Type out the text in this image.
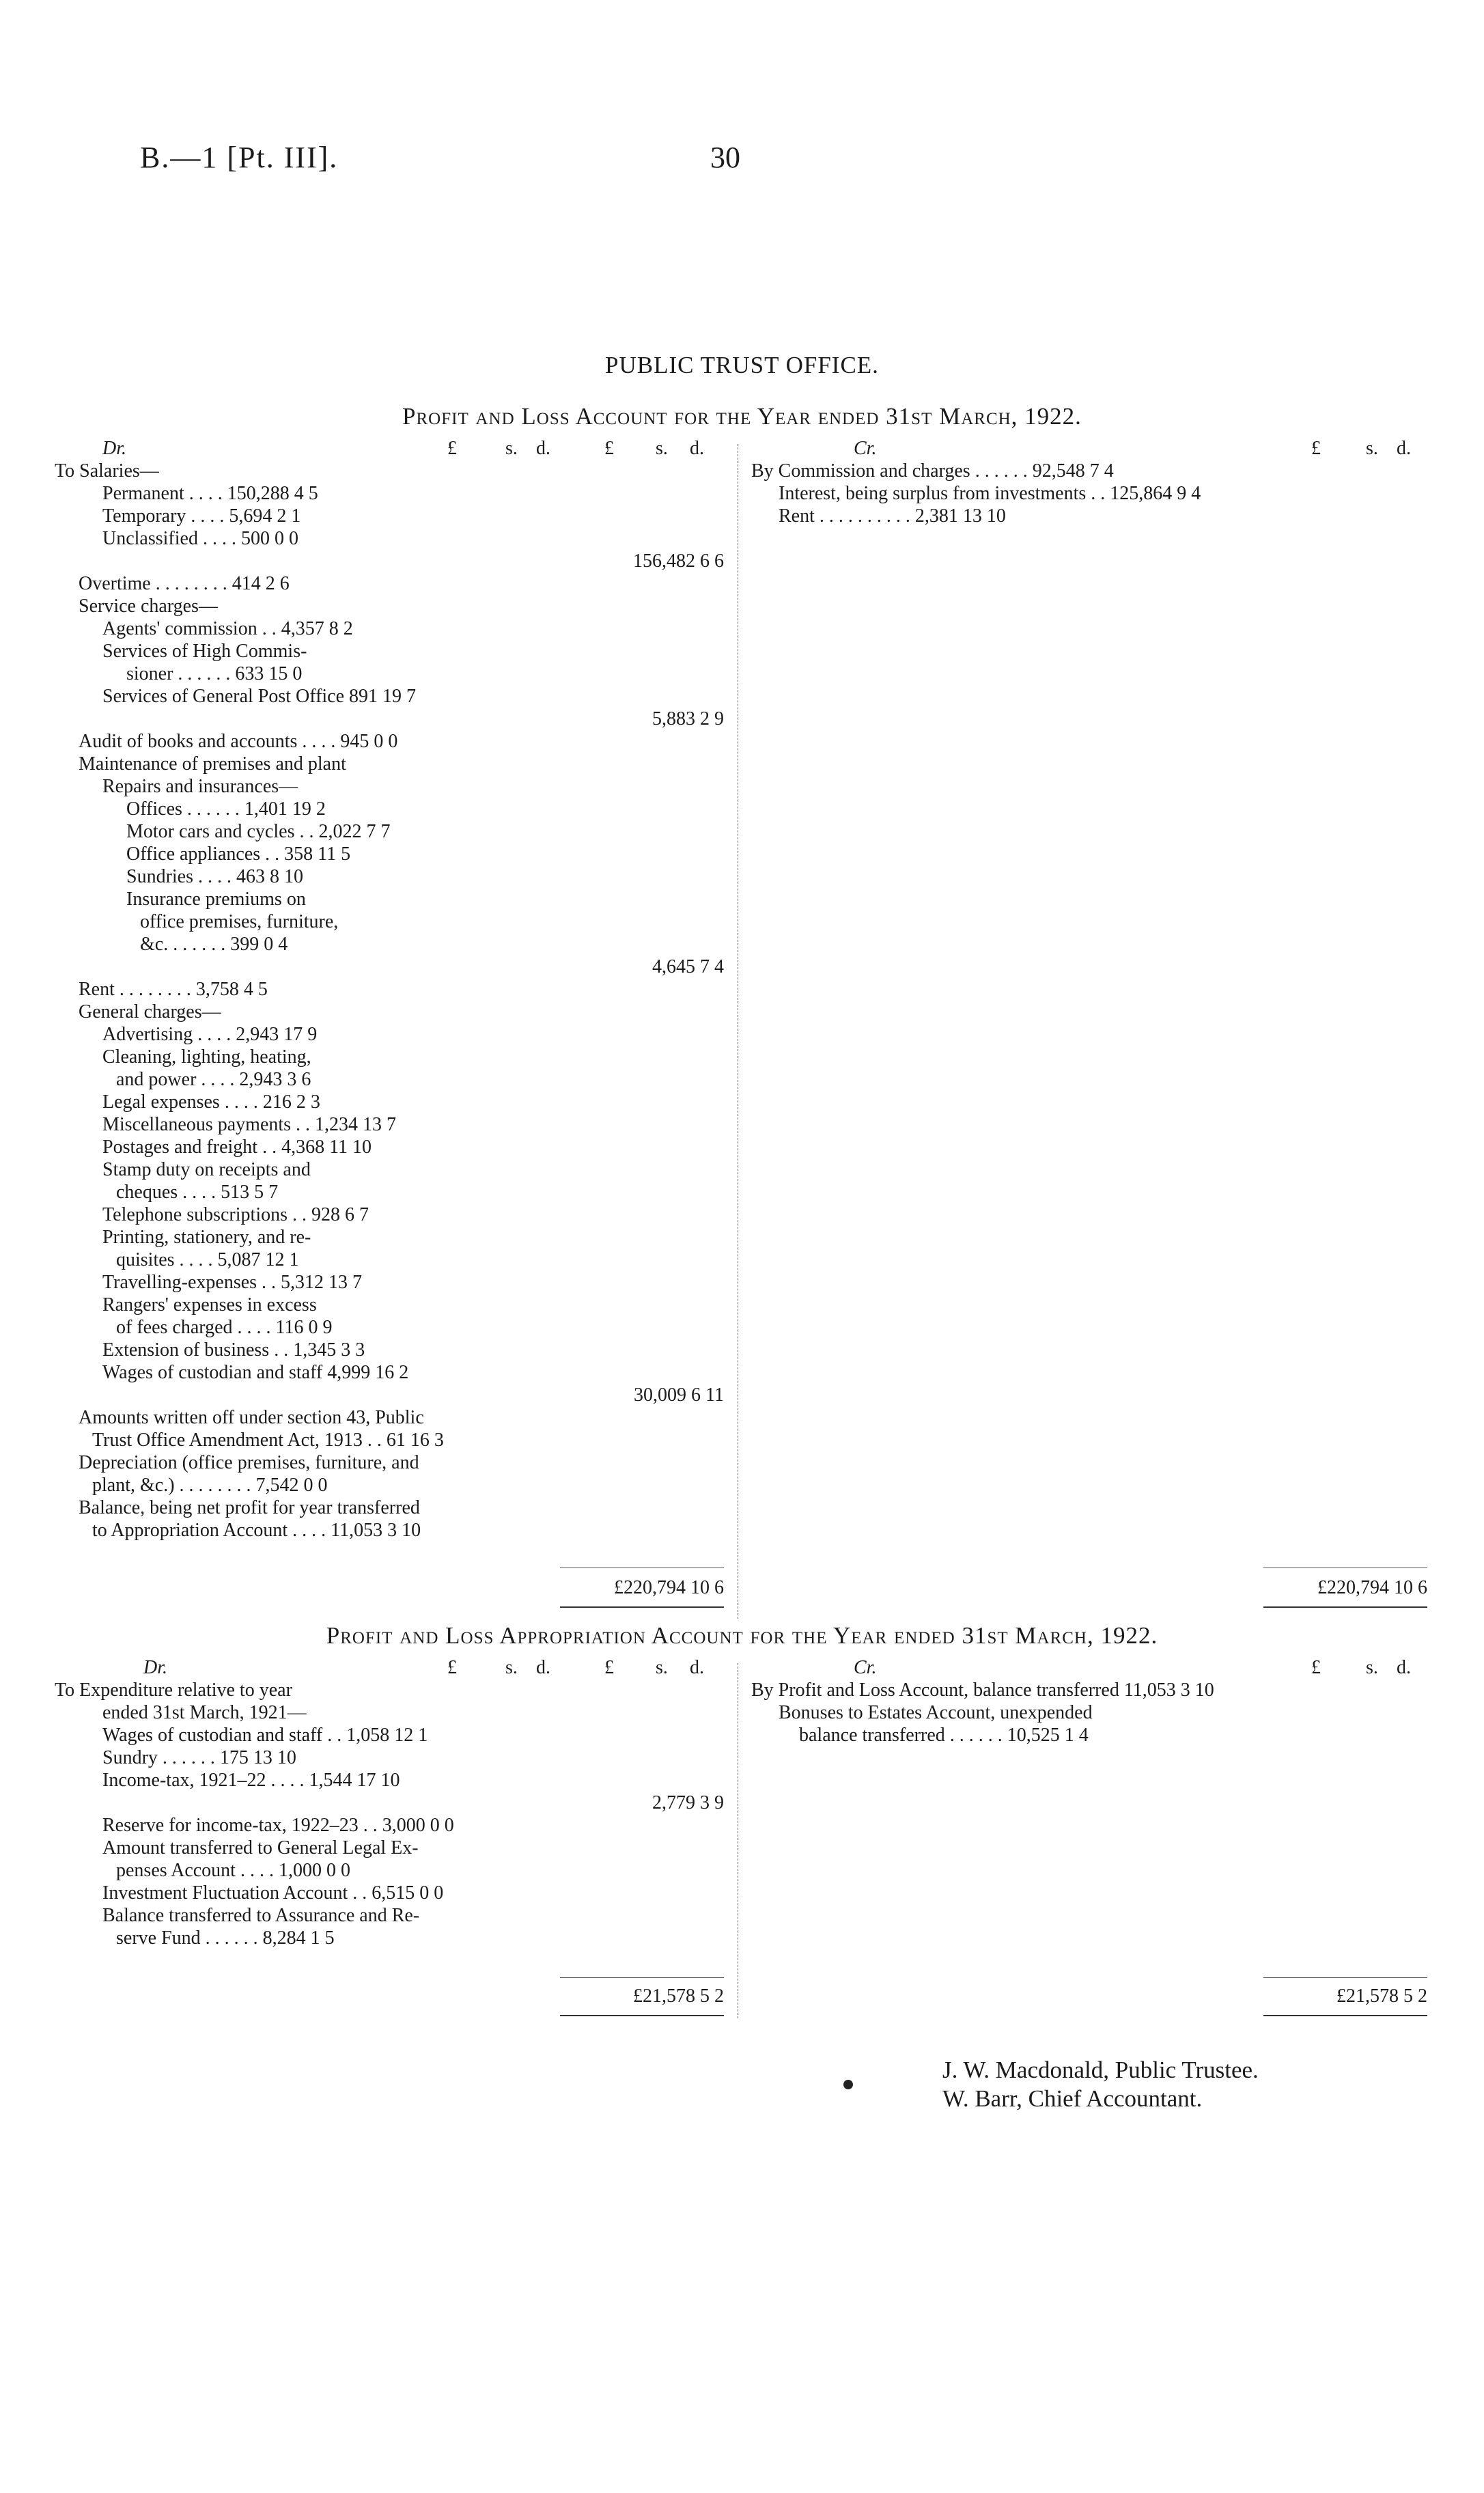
B.—1 [Pt. III].	30
PUBLIC TRUST OFFICE.
Profit and Loss Account for the Year ended 31st March, 1922.
Dr.	£	s. d.	£ s. d.	Cr.	£ s. d.
To Salaries—
Permanent . . . . 150,288 4 5
Temporary . . . . 5,694 2 1
Unclassified . . . . 500 0 0
156,482 6 6
Overtime . . . . . . . . 414 2 6
Service charges—
Agents' commission . . 4,357 8 2
Services of High Commis-
sioner . . . . . . 633 15 0
Services of General Post Office 891 19 7
5,883 2 9
Audit of books and accounts . . . . 945 0 0
Maintenance of premises and plant
Repairs and insurances—
Offices . . . . . . 1,401 19 2
Motor cars and cycles . . 2,022 7 7
Office appliances . . 358 11 5
Sundries . . . . 463 8 10
Insurance premiums on
office premises, furniture,
&c. . . . . . . 399 0 4
4,645 7 4
Rent . . . . . . . . 3,758 4 5
General charges—
Advertising . . . . 2,943 17 9
Cleaning, lighting, heating,
and power . . . . 2,943 3 6
Legal expenses . . . . 216 2 3
Miscellaneous payments . . 1,234 13 7
Postages and freight . . 4,368 11 10
Stamp duty on receipts and
cheques . . . . 513 5 7
Telephone subscriptions . . 928 6 7
Printing, stationery, and re-
quisites . . . . 5,087 12 1
Travelling-expenses . . 5,312 13 7
Rangers' expenses in excess
of fees charged . . . . 116 0 9
Extension of business . . 1,345 3 3
Wages of custodian and staff 4,999 16 2
30,009 6 11
Amounts written off under section 43, Public
Trust Office Amendment Act, 1913 . . 61 16 3
Depreciation (office premises, furniture, and
plant, &c.) . . . . . . . . 7,542 0 0
Balance, being net profit for year transferred
to Appropriation Account . . . . 11,053 3 10
By Commission and charges . . . . . . 92,548 7 4
Interest, being surplus from investments . . 125,864 9 4
Rent . . . . . . . . . . 2,381 13 10
£220,794 10 6	£220,794 10 6
Profit and Loss Appropriation Account for the Year ended 31st March, 1922.
Dr.	£	s. d.	£ s. d.	Cr.	£ s. d.
To Expenditure relative to year
ended 31st March, 1921—
Wages of custodian and staff . . 1,058 12 1
Sundry . . . . . . 175 13 10
Income-tax, 1921–22 . . . . 1,544 17 10
2,779 3 9
Reserve for income-tax, 1922–23 . . 3,000 0 0
Amount transferred to General Legal Ex-
penses Account . . . . 1,000 0 0
Investment Fluctuation Account . . 6,515 0 0
Balance transferred to Assurance and Re-
serve Fund . . . . . . 8,284 1 5
By Profit and Loss Account, balance transferred 11,053 3 10
Bonuses to Estates Account, unexpended
balance transferred . . . . . . 10,525 1 4
£21,578 5 2	£21,578 5 2
J. W. Macdonald, Public Trustee.
W. Barr, Chief Accountant.
